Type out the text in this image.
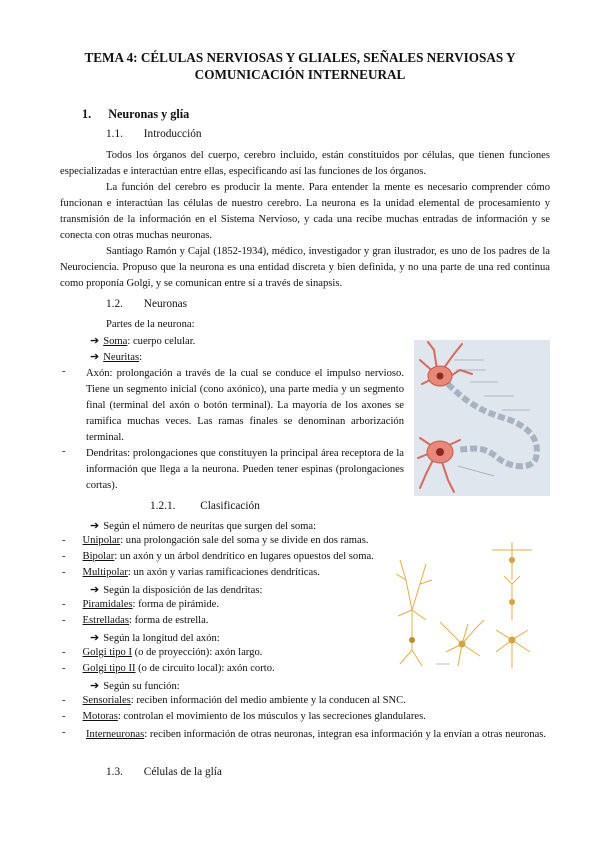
TEMA 4: CÉLULAS NERVIOSAS Y GLIALES, SEÑALES NERVIOSAS Y
COMUNICACIÓN INTERNEURAL
1. Neuronas y glía
1.1. Introducción
Todos los órganos del cuerpo, cerebro incluido, están constituidos por células, que tienen funciones especializadas e interactúan entre ellas, especificando así las funciones de los órganos.
La función del cerebro es producir la mente. Para entender la mente es necesario comprender cómo funcionan e interactúan las células de nuestro cerebro. La neurona es la unidad elemental de procesamiento y transmisión de la información en el Sistema Nervioso, y cada una recibe muchas entradas de información y se conecta con otras muchas neuronas.
Santiago Ramón y Cajal (1852-1934), médico, investigador y gran ilustrador, es uno de los padres de la Neurociencia. Propuso que la neurona es una entidad discreta y bien definida, y no una parte de una red continua como proponía Golgi, y se comunican entre sí a través de sinapsis.
1.2. Neuronas
Partes de la neurona:
➔ Soma: cuerpo celular.
➔ Neuritas:
- Axón: prolongación a través de la cual se conduce el impulso nervioso. Tiene un segmento inicial (cono axónico), una parte media y un segmento final (terminal del axón o botón terminal). La mayoría de los axones se ramifica muchas veces. Las ramas finales se denominan arborización terminal.
- Dendritas: prolongaciones que constituyen la principal área receptora de la información que llega a la neurona. Pueden tener espinas (prolongaciones cortas).
1.2.1. Clasificación
➔ Según el número de neuritas que surgen del soma:
- Unipolar: una prolongación sale del soma y se divide en dos ramas.
- Bipolar: un axón y un árbol dendrítico en lugares opuestos del soma.
- Multipolar: un axón y varias ramificaciones dendríticas.
➔ Según la disposición de las dendritas:
- Piramidales: forma de pirámide.
- Estrelladas: forma de estrella.
➔ Según la longitud del axón:
- Golgi tipo I (o de proyección): axón largo.
- Golgi tipo II (o de circuito local): axón corto.
➔ Según su función:
- Sensoriales: reciben información del medio ambiente y la conducen al SNC.
- Motoras: controlan el movimiento de los músculos y las secreciones glandulares.
- Interneuronas: reciben información de otras neuronas, integran esa información y la envían a otras neuronas.
1.3. Células de la glía
